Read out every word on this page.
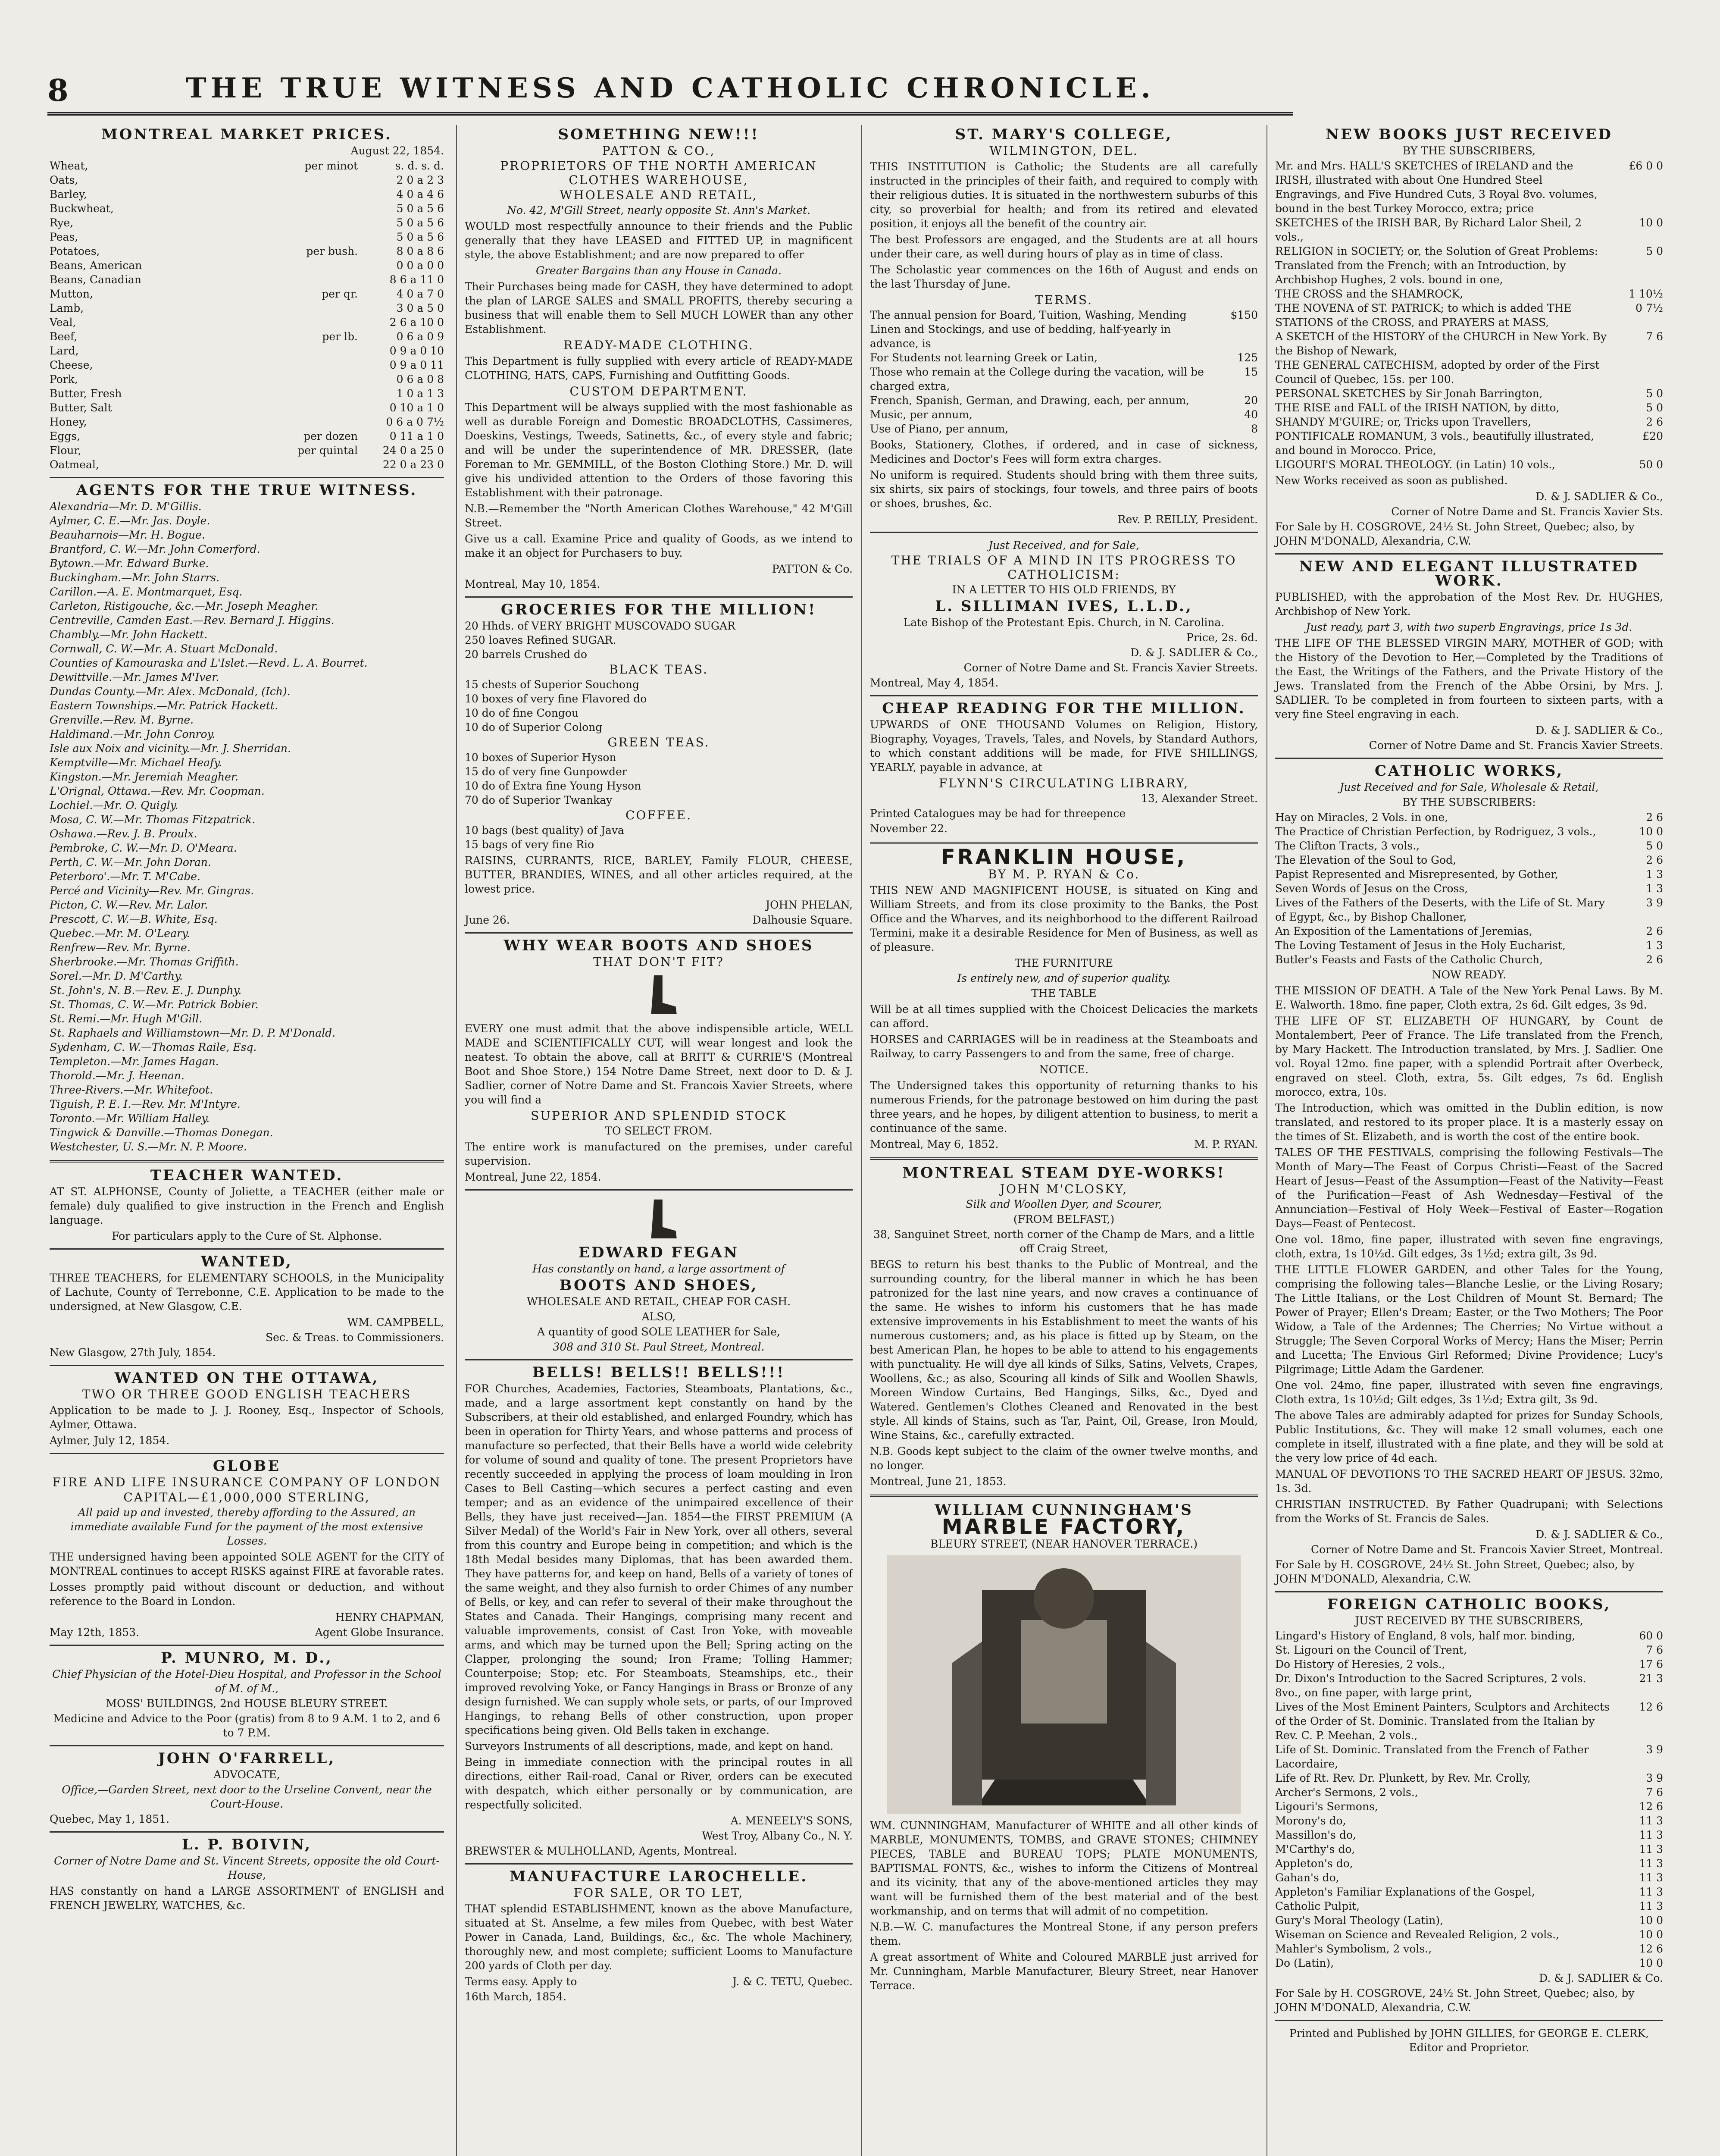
8	THE TRUE WITNESS AND CATHOLIC CHRONICLE.
MONTREAL MARKET PRICES.
August 22, 1854.
Wheat,	per minot	s. d. s. d.
Oats,	2 0 a 2 3
Barley,	4 0 a 4 6
Buckwheat,	5 0 a 5 6
Rye,	5 0 a 5 6
Peas,	5 0 a 5 6
Potatoes,	per bush.	8 0 a 8 6
Beans, American	0 0 a 0 0
Beans, Canadian	8 6 a 11 0
Mutton,	per qr.	4 0 a 7 0
Lamb,	3 0 a 5 0
Veal,	2 6 a 10 0
Beef,	per lb.	0 6 a 0 9
Lard,	0 9 a 0 10
Cheese,	0 9 a 0 11
Pork,	0 6 a 0 8
Butter, Fresh	1 0 a 1 3
Butter, Salt	0 10 a 1 0
Honey,	0 6 a 0 7½
Eggs,	per dozen	0 11 a 1 0
Flour,	per quintal	24 0 a 25 0
Oatmeal,	22 0 a 23 0
AGENTS FOR THE TRUE WITNESS.
Alexandria—Mr. D. M'Gillis.
Aylmer, C. E.—Mr. Jas. Doyle.
Beauharnois—Mr. H. Bogue.
Brantford, C. W.—Mr. John Comerford.
Bytown.—Mr. Edward Burke.
Buckingham.—Mr. John Starrs.
Carillon.—A. E. Montmarquet, Esq.
Carleton, Ristigouche, &c.—Mr. Joseph Meagher.
Centreville, Camden East.—Rev. Bernard J. Higgins.
Chambly.—Mr. John Hackett.
Cornwall, C. W.—Mr. A. Stuart McDonald.
Counties of Kamouraska and L'Islet.—Revd. L. A. Bourret.
Dewittville.—Mr. James M'Iver.
Dundas County.—Mr. Alex. McDonald, (Ich).
Eastern Townships.—Mr. Patrick Hackett.
Grenville.—Rev. M. Byrne.
Haldimand.—Mr. John Conroy.
Isle aux Noix and vicinity.—Mr. J. Sherridan.
Kemptville—Mr. Michael Heafy.
Kingston.—Mr. Jeremiah Meagher.
L'Orignal, Ottawa.—Rev. Mr. Coopman.
Lochiel.—Mr. O. Quigly.
Mosa, C. W.—Mr. Thomas Fitzpatrick.
Oshawa.—Rev. J. B. Proulx.
Pembroke, C. W.—Mr. D. O'Meara.
Perth, C. W.—Mr. John Doran.
Peterboro'.—Mr. T. M'Cabe.
Percé and Vicinity—Rev. Mr. Gingras.
Picton, C. W.—Rev. Mr. Lalor.
Prescott, C. W.—B. White, Esq.
Quebec.—Mr. M. O'Leary.
Renfrew—Rev. Mr. Byrne.
Sherbrooke.—Mr. Thomas Griffith.
Sorel.—Mr. D. M'Carthy.
St. John's, N. B.—Rev. E. J. Dunphy.
St. Thomas, C. W.—Mr. Patrick Bobier.
St. Remi.—Mr. Hugh M'Gill.
St. Raphaels and Williamstown—Mr. D. P. M'Donald.
Sydenham, C. W.—Thomas Raile, Esq.
Templeton.—Mr. James Hagan.
Thorold.—Mr. J. Heenan.
Three-Rivers.—Mr. Whitefoot.
Tiguish, P. E. I.—Rev. Mr. M'Intyre.
Toronto.—Mr. William Halley.
Tingwick & Danville.—Thomas Donegan.
Westchester, U. S.—Mr. N. P. Moore.
TEACHER WANTED.

AT ST. ALPHONSE, County of Joliette, a TEACHER (either male or female) duly qualified to give instruction in the French and English language.

For particulars apply to the Cure of St. Alphonse.
WANTED,

THREE TEACHERS, for ELEMENTARY SCHOOLS, in the Municipality of Lachute, County of Terrebonne, C.E. Application to be made to the undersigned, at New Glasgow, C.E.

WM. CAMPBELL,
Sec. & Treas. to Commissioners.
New Glasgow, 27th July, 1854.
WANTED ON THE OTTAWA,
TWO OR THREE GOOD ENGLISH TEACHERS

Application to be made to J. J. Rooney, Esq., Inspector of Schools, Aylmer, Ottawa.

Aylmer, July 12, 1854.
GLOBE
FIRE AND LIFE INSURANCE COMPANY OF LONDON
CAPITAL—£1,000,000 STERLING,
All paid up and invested, thereby affording to the Assured, an immediate available Fund for the payment of the most extensive Losses.

THE undersigned having been appointed SOLE AGENT for the CITY of MONTREAL continues to accept RISKS against FIRE at favorable rates.

Losses promptly paid without discount or deduction, and without reference to the Board in London.

HENRY CHAPMAN,
May 12th, 1853.	Agent Globe Insurance.
P. MUNRO, M. D.,
Chief Physician of the Hotel-Dieu Hospital, and Professor in the School of M. of M.,
MOSS' BUILDINGS, 2nd HOUSE BLEURY STREET.
Medicine and Advice to the Poor (gratis) from 8 to 9 A.M. 1 to 2, and 6 to 7 P.M.
JOHN O'FARRELL,
ADVOCATE,
Office,—Garden Street, next door to the Urseline Convent, near the Court-House.
Quebec, May 1, 1851.
L. P. BOIVIN,
Corner of Notre Dame and St. Vincent Streets, opposite the old Court-House,

HAS constantly on hand a LARGE ASSORTMENT of ENGLISH and FRENCH JEWELRY, WATCHES, &c.

SOMETHING NEW!!!
PATTON & CO.,
PROPRIETORS OF THE NORTH AMERICAN CLOTHES WAREHOUSE,
WHOLESALE AND RETAIL,
No. 42, M'Gill Street, nearly opposite St. Ann's Market.

WOULD most respectfully announce to their friends and the Public generally that they have LEASED and FITTED UP, in magnificent style, the above Establishment; and are now prepared to offer

Greater Bargains than any House in Canada.

Their Purchases being made for CASH, they have determined to adopt the plan of LARGE SALES and SMALL PROFITS, thereby securing a business that will enable them to Sell MUCH LOWER than any other Establishment.

READY-MADE CLOTHING.

This Department is fully supplied with every article of READY-MADE CLOTHING, HATS, CAPS, Furnishing and Outfitting Goods.

CUSTOM DEPARTMENT.

This Department will be always supplied with the most fashionable as well as durable Foreign and Domestic BROADCLOTHS, Cassimeres, Doeskins, Vestings, Tweeds, Satinetts, &c., of every style and fabric; and will be under the superintendence of MR. DRESSER, (late Foreman to Mr. GEMMILL, of the Boston Clothing Store.) Mr. D. will give his undivided attention to the Orders of those favoring this Establishment with their patronage.

N.B.—Remember the "North American Clothes Warehouse," 42 M'Gill Street.

Give us a call. Examine Price and quality of Goods, as we intend to make it an object for Purchasers to buy.

PATTON & Co.
Montreal, May 10, 1854.
GROCERIES FOR THE MILLION!
20 Hhds. of VERY BRIGHT MUSCOVADO SUGAR
250 loaves Refined SUGAR.
20 barrels Crushed do
BLACK TEAS.
15 chests of Superior Souchong
10 boxes of very fine Flavored do
10 do of fine Congou
10 do of Superior Colong
GREEN TEAS.
10 boxes of Superior Hyson
15 do of very fine Gunpowder
10 do of Extra fine Young Hyson
70 do of Superior Twankay
COFFEE.
10 bags (best quality) of Java
15 bags of very fine Rio

RAISINS, CURRANTS, RICE, BARLEY, Family FLOUR, CHEESE, BUTTER, BRANDIES, WINES, and all other articles required, at the lowest price.

JOHN PHELAN,
June 26.	Dalhousie Square.
WHY WEAR BOOTS AND SHOES
THAT DON'T FIT?

EVERY one must admit that the above indispensible article, WELL MADE and SCIENTIFICALLY CUT, will wear longest and look the neatest. To obtain the above, call at BRITT & CURRIE'S (Montreal Boot and Shoe Store,) 154 Notre Dame Street, next door to D. & J. Sadlier, corner of Notre Dame and St. Francois Xavier Streets, where you will find a

SUPERIOR AND SPLENDID STOCK
TO SELECT FROM.

The entire work is manufactured on the premises, under careful supervision.

Montreal, June 22, 1854.
EDWARD FEGAN
Has constantly on hand, a large assortment of
BOOTS AND SHOES,
WHOLESALE AND RETAIL, CHEAP FOR CASH.
ALSO,
A quantity of good SOLE LEATHER for Sale,
308 and 310 St. Paul Street, Montreal.
BELLS! BELLS!! BELLS!!!

FOR Churches, Academies, Factories, Steamboats, Plantations, &c., made, and a large assortment kept constantly on hand by the Subscribers, at their old established, and enlarged Foundry, which has been in operation for Thirty Years, and whose patterns and process of manufacture so perfected, that their Bells have a world wide celebrity for volume of sound and quality of tone. The present Proprietors have recently succeeded in applying the process of loam moulding in Iron Cases to Bell Casting—which secures a perfect casting and even temper; and as an evidence of the unimpaired excellence of their Bells, they have just received—Jan. 1854—the FIRST PREMIUM (A Silver Medal) of the World's Fair in New York, over all others, several from this country and Europe being in competition; and which is the 18th Medal besides many Diplomas, that has been awarded them. They have patterns for, and keep on hand, Bells of a variety of tones of the same weight, and they also furnish to order Chimes of any number of Bells, or key, and can refer to several of their make throughout the States and Canada. Their Hangings, comprising many recent and valuable improvements, consist of Cast Iron Yoke, with moveable arms, and which may be turned upon the Bell; Spring acting on the Clapper, prolonging the sound; Iron Frame; Tolling Hammer; Counterpoise; Stop; etc. For Steamboats, Steamships, etc., their improved revolving Yoke, or Fancy Hangings in Brass or Bronze of any design furnished. We can supply whole sets, or parts, of our Improved Hangings, to rehang Bells of other construction, upon proper specifications being given. Old Bells taken in exchange.

Surveyors Instruments of all descriptions, made, and kept on hand.

Being in immediate connection with the principal routes in all directions, either Rail-road, Canal or River, orders can be executed with despatch, which either personally or by communication, are respectfully solicited.

A. MENEELY'S SONS,
West Troy, Albany Co., N. Y.
BREWSTER & MULHOLLAND, Agents, Montreal.
MANUFACTURE LAROCHELLE.
FOR SALE, OR TO LET,

THAT splendid ESTABLISHMENT, known as the above Manufacture, situated at St. Anselme, a few miles from Quebec, with best Water Power in Canada, Land, Buildings, &c., &c. The whole Machinery, thoroughly new, and most complete; sufficient Looms to Manufacture 200 yards of Cloth per day.

Terms easy. Apply to	J. & C. TETU, Quebec.
16th March, 1854.
ST. MARY'S COLLEGE,
WILMINGTON, DEL.

THIS INSTITUTION is Catholic; the Students are all carefully instructed in the principles of their faith, and required to comply with their religious duties. It is situated in the northwestern suburbs of this city, so proverbial for health; and from its retired and elevated position, it enjoys all the benefit of the country air.

The best Professors are engaged, and the Students are at all hours under their care, as well during hours of play as in time of class.

The Scholastic year commences on the 16th of August and ends on the last Thursday of June.

TERMS.
The annual pension for Board, Tuition, Washing, Mending Linen and Stockings, and use of bedding, half-yearly in advance, is
$150
For Students not learning Greek or Latin,	125
Those who remain at the College during the vacation, will be charged extra,
15
French, Spanish, German, and Drawing, each, per annum,	20
Music, per annum,	40
Use of Piano, per annum,	8

Books, Stationery, Clothes, if ordered, and in case of sickness, Medicines and Doctor's Fees will form extra charges.

No uniform is required. Students should bring with them three suits, six shirts, six pairs of stockings, four towels, and three pairs of boots or shoes, brushes, &c.

Rev. P. REILLY, President.
Just Received, and for Sale,
THE TRIALS OF A MIND IN ITS PROGRESS TO CATHOLICISM:
IN A LETTER TO HIS OLD FRIENDS, BY
L. SILLIMAN IVES, L.L.D.,
Late Bishop of the Protestant Epis. Church, in N. Carolina.
Price, 2s. 6d.
D. & J. SADLIER & Co.,
Corner of Notre Dame and St. Francis Xavier Streets.
Montreal, May 4, 1854.
CHEAP READING FOR THE MILLION.

UPWARDS of ONE THOUSAND Volumes on Religion, History, Biography, Voyages, Travels, Tales, and Novels, by Standard Authors, to which constant additions will be made, for FIVE SHILLINGS, YEARLY, payable in advance, at

FLYNN'S CIRCULATING LIBRARY,
13, Alexander Street.
Printed Catalogues may be had for threepence
November 22.
FRANKLIN HOUSE,
BY M. P. RYAN & Co.

THIS NEW AND MAGNIFICENT HOUSE, is situated on King and William Streets, and from its close proximity to the Banks, the Post Office and the Wharves, and its neighborhood to the different Railroad Termini, make it a desirable Residence for Men of Business, as well as of pleasure.

THE FURNITURE
Is entirely new, and of superior quality.
THE TABLE

Will be at all times supplied with the Choicest Delicacies the markets can afford.

HORSES and CARRIAGES will be in readiness at the Steamboats and Railway, to carry Passengers to and from the same, free of charge.

NOTICE.

The Undersigned takes this opportunity of returning thanks to his numerous Friends, for the patronage bestowed on him during the past three years, and he hopes, by diligent attention to business, to merit a continuance of the same.

Montreal, May 6, 1852.	M. P. RYAN.
MONTREAL STEAM DYE-WORKS!
JOHN M'CLOSKY,
Silk and Woollen Dyer, and Scourer,
(FROM BELFAST,)
38, Sanguinet Street, north corner of the Champ de Mars, and a little off Craig Street,

BEGS to return his best thanks to the Public of Montreal, and the surrounding country, for the liberal manner in which he has been patronized for the last nine years, and now craves a continuance of the same. He wishes to inform his customers that he has made extensive improvements in his Establishment to meet the wants of his numerous customers; and, as his place is fitted up by Steam, on the best American Plan, he hopes to be able to attend to his engagements with punctuality. He will dye all kinds of Silks, Satins, Velvets, Crapes, Woollens, &c.; as also, Scouring all kinds of Silk and Woollen Shawls, Moreen Window Curtains, Bed Hangings, Silks, &c., Dyed and Watered. Gentlemen's Clothes Cleaned and Renovated in the best style. All kinds of Stains, such as Tar, Paint, Oil, Grease, Iron Mould, Wine Stains, &c., carefully extracted.

N.B. Goods kept subject to the claim of the owner twelve months, and no longer.

Montreal, June 21, 1853.
WILLIAM CUNNINGHAM'S
MARBLE FACTORY,
BLEURY STREET, (NEAR HANOVER TERRACE.)

WM. CUNNINGHAM, Manufacturer of WHITE and all other kinds of MARBLE, MONUMENTS, TOMBS, and GRAVE STONES; CHIMNEY PIECES, TABLE and BUREAU TOPS; PLATE MONUMENTS, BAPTISMAL FONTS, &c., wishes to inform the Citizens of Montreal and its vicinity, that any of the above-mentioned articles they may want will be furnished them of the best material and of the best workmanship, and on terms that will admit of no competition.

N.B.—W. C. manufactures the Montreal Stone, if any person prefers them.

A great assortment of White and Coloured MARBLE just arrived for Mr. Cunningham, Marble Manufacturer, Bleury Street, near Hanover Terrace.

NEW BOOKS JUST RECEIVED
BY THE SUBSCRIBERS,
Mr. and Mrs. HALL'S SKETCHES of IRELAND and the IRISH, illustrated with about One Hundred Steel Engravings, and Five Hundred Cuts, 3 Royal 8vo. volumes, bound in the best Turkey Morocco, extra; price
£6 0 0
SKETCHES of the IRISH BAR, By Richard Lalor Sheil, 2 vols.,
10 0
RELIGION in SOCIETY; or, the Solution of Great Problems: Translated from the French; with an Introduction, by Archbishop Hughes, 2 vols. bound in one,
5 0
THE CROSS and the SHAMROCK,	1 10½
THE NOVENA of ST. PATRICK; to which is added THE STATIONS of the CROSS, and PRAYERS at MASS,
0 7½
A SKETCH of the HISTORY of the CHURCH in New York. By the Bishop of Newark,
7 6
THE GENERAL CATECHISM, adopted by order of the First Council of Quebec, 15s. per 100.
PERSONAL SKETCHES by Sir Jonah Barrington,	5 0
THE RISE and FALL of the IRISH NATION, by ditto,	5 0
SHANDY M'GUIRE; or, Tricks upon Travellers,	2 6
PONTIFICALE ROMANUM, 3 vols., beautifully illustrated, and bound in Morocco. Price,
£20
LIGOURI'S MORAL THEOLOGY. (in Latin) 10 vols.,	50 0

New Works received as soon as published.

D. & J. SADLIER & Co.,
Corner of Notre Dame and St. Francis Xavier Sts.
For Sale by H. COSGROVE, 24½ St. John Street, Quebec; also, by JOHN M'DONALD, Alexandria, C.W.
NEW AND ELEGANT ILLUSTRATED WORK.

PUBLISHED, with the approbation of the Most Rev. Dr. HUGHES, Archbishop of New York.

Just ready, part 3, with two superb Engravings, price 1s 3d.

THE LIFE OF THE BLESSED VIRGIN MARY, MOTHER of GOD; with the History of the Devotion to Her,—Completed by the Traditions of the East, the Writings of the Fathers, and the Private History of the Jews. Translated from the French of the Abbe Orsini, by Mrs. J. SADLIER. To be completed in from fourteen to sixteen parts, with a very fine Steel engraving in each.

D. & J. SADLIER & Co.,
Corner of Notre Dame and St. Francis Xavier Streets.
CATHOLIC WORKS,
Just Received and for Sale, Wholesale & Retail,
BY THE SUBSCRIBERS:
Hay on Miracles, 2 Vols. in one,	2 6
The Practice of Christian Perfection, by Rodriguez, 3 vols.,	10 0
The Clifton Tracts, 3 vols.,	5 0
The Elevation of the Soul to God,	2 6
Papist Represented and Misrepresented, by Gother,	1 3
Seven Words of Jesus on the Cross,	1 3
Lives of the Fathers of the Deserts, with the Life of St. Mary of Egypt, &c., by Bishop Challoner,
3 9
An Exposition of the Lamentations of Jeremias,	2 6
The Loving Testament of Jesus in the Holy Eucharist,	1 3
Butler's Feasts and Fasts of the Catholic Church,	2 6
NOW READY.

THE MISSION OF DEATH. A Tale of the New York Penal Laws. By M. E. Walworth. 18mo. fine paper, Cloth extra, 2s 6d. Gilt edges, 3s 9d.

THE LIFE OF ST. ELIZABETH OF HUNGARY, by Count de Montalembert, Peer of France. The Life translated from the French, by Mary Hackett. The Introduction translated, by Mrs. J. Sadlier. One vol. Royal 12mo. fine paper, with a splendid Portrait after Overbeck, engraved on steel. Cloth, extra, 5s. Gilt edges, 7s 6d. English morocco, extra, 10s.

The Introduction, which was omitted in the Dublin edition, is now translated, and restored to its proper place. It is a masterly essay on the times of St. Elizabeth, and is worth the cost of the entire book.

TALES OF THE FESTIVALS, comprising the following Festivals—The Month of Mary—The Feast of Corpus Christi—Feast of the Sacred Heart of Jesus—Feast of the Assumption—Feast of the Nativity—Feast of the Purification—Feast of Ash Wednesday—Festival of the Annunciation—Festival of Holy Week—Festival of Easter—Rogation Days—Feast of Pentecost.

One vol. 18mo, fine paper, illustrated with seven fine engravings, cloth, extra, 1s 10½d. Gilt edges, 3s 1½d; extra gilt, 3s 9d.

THE LITTLE FLOWER GARDEN, and other Tales for the Young, comprising the following tales—Blanche Leslie, or the Living Rosary; The Little Italians, or the Lost Children of Mount St. Bernard; The Power of Prayer; Ellen's Dream; Easter, or the Two Mothers; The Poor Widow, a Tale of the Ardennes; The Cherries; No Virtue without a Struggle; The Seven Corporal Works of Mercy; Hans the Miser; Perrin and Lucetta; The Envious Girl Reformed; Divine Providence; Lucy's Pilgrimage; Little Adam the Gardener.

One vol. 24mo, fine paper, illustrated with seven fine engravings, Cloth extra, 1s 10½d; Gilt edges, 3s 1½d; Extra gilt, 3s 9d.

The above Tales are admirably adapted for prizes for Sunday Schools, Public Institutions, &c. They will make 12 small volumes, each one complete in itself, illustrated with a fine plate, and they will be sold at the very low price of 4d each.

MANUAL OF DEVOTIONS TO THE SACRED HEART OF JESUS. 32mo, 1s. 3d.

CHRISTIAN INSTRUCTED. By Father Quadrupani; with Selections from the Works of St. Francis de Sales.

D. & J. SADLIER & Co.,
Corner of Notre Dame and St. Francois Xavier Street, Montreal.
For Sale by H. COSGROVE, 24½ St. John Street, Quebec; also, by JOHN M'DONALD, Alexandria, C.W.
FOREIGN CATHOLIC BOOKS,
JUST RECEIVED BY THE SUBSCRIBERS,
Lingard's History of England, 8 vols, half mor. binding,	60 0
St. Ligouri on the Council of Trent,	7 6
Do History of Heresies, 2 vols.,	17 6
Dr. Dixon's Introduction to the Sacred Scriptures, 2 vols. 8vo., on fine paper, with large print,
21 3
Lives of the Most Eminent Painters, Sculptors and Architects of the Order of St. Dominic. Translated from the Italian by Rev. C. P. Meehan, 2 vols.,
12 6
Life of St. Dominic. Translated from the French of Father Lacordaire,
3 9
Life of Rt. Rev. Dr. Plunkett, by Rev. Mr. Crolly,	3 9
Archer's Sermons, 2 vols.,	7 6
Ligouri's Sermons,	12 6
Morony's do,	11 3
Massillon's do,	11 3
M'Carthy's do,	11 3
Appleton's do,	11 3
Gahan's do,	11 3
Appleton's Familiar Explanations of the Gospel,	11 3
Catholic Pulpit,	11 3
Gury's Moral Theology (Latin),	10 0
Wiseman on Science and Revealed Religion, 2 vols.,	10 0
Mahler's Symbolism, 2 vols.,	12 6
Do (Latin),	10 0
D. & J. SADLIER & Co.
For Sale by H. COSGROVE, 24½ St. John Street, Quebec; also, by JOHN M'DONALD, Alexandria, C.W.
Printed and Published by JOHN GILLIES, for GEORGE E. CLERK, Editor and Proprietor.
